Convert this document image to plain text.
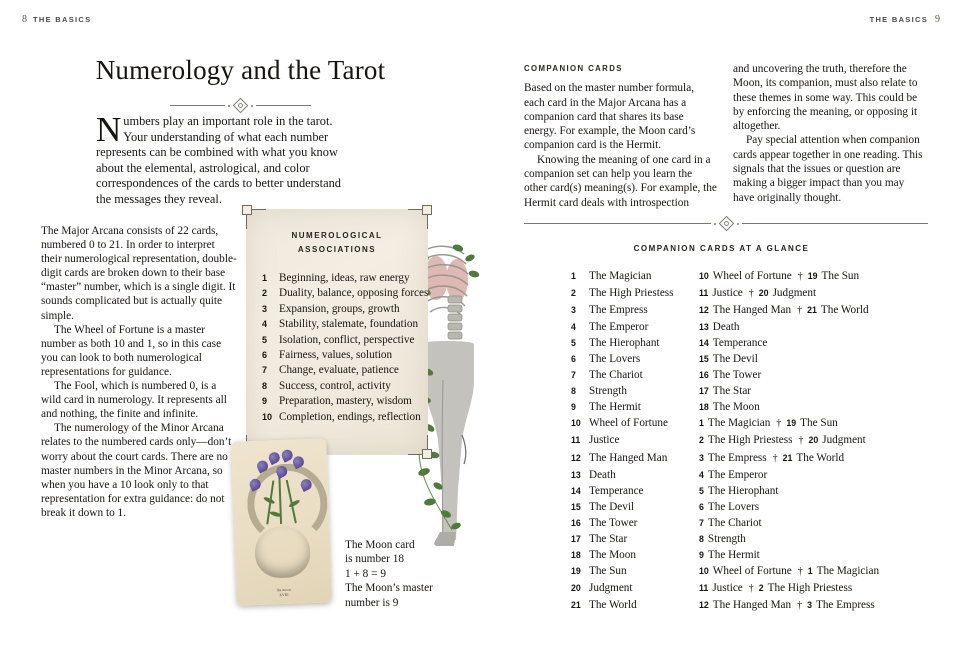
8 THE BASICS
Numerology and the Tarot
Numbers play an important role in the tarot. Your understanding of what each number represents can be combined with what you know about the elemental, astrological, and color correspondences of the cards to better understand the messages they reveal.

The Major Arcana consists of 22 cards, numbered 0 to 21. In order to interpret their numerological representation, double-digit cards are broken down to their base “master” number, which is a single digit. It sounds complicated but is actually quite simple.

The Wheel of Fortune is a master number as both 10 and 1, so in this case you can look to both numerological representations for guidance.

The Fool, which is numbered 0, is a wild card in numerology. It represents all and nothing, the finite and infinite.

The numerology of the Minor Arcana relates to the numbered cards only—don’t worry about the court cards. There are no master numbers in the Minor Arcana, so when you have a 10 look only to that representation for extra guidance: do not break it down to 1.

NUMEROLOGICAL
ASSOCIATIONS
1	Beginning, ideas, raw energy
2	Duality, balance, opposing forces
3	Expansion, groups, growth
4	Stability, stalemate, foundation
5	Isolation, conflict, perspective
6	Fairness, values, solution
7	Change, evaluate, patience
8	Success, control, activity
9	Preparation, mastery, wisdom
10 Completion, endings, reflection
the moon
XVIII
The Moon card
is number 18
1 + 8 = 9
The Moon’s master
number is 9
THE BASICS 9
COMPANION CARDS

Based on the master number formula, each card in the Major Arcana has a companion card that shares its base energy. For example, the Moon card’s companion card is the Hermit.

Knowing the meaning of one card in a companion set can help you learn the other card(s) meaning(s). For example, the Hermit card deals with introspection

and uncovering the truth, therefore the Moon, its companion, must also relate to these themes in some way. This could be by enforcing the meaning, or opposing it altogether.

Pay special attention when companion cards appear together in one reading. This signals that the issues or question are making a bigger impact than you may have originally thought.

COMPANION CARDS AT A GLANCE
1	The Magician	10 Wheel of Fortune † 19 The Sun
2	The High Priestess	11 Justice † 20 Judgment
3	The Empress	12 The Hanged Man † 21 The World
4	The Emperor	13 Death
5	The Hierophant	14 Temperance
6	The Lovers	15 The Devil
7	The Chariot	16 The Tower
8	Strength	17 The Star
9	The Hermit	18 The Moon
10 Wheel of Fortune	1 The Magician † 19 The Sun
11 Justice	2 The High Priestess † 20 Judgment
12 The Hanged Man	3 The Empress † 21 The World
13 Death	4 The Emperor
14 Temperance	5 The Hierophant
15 The Devil	6 The Lovers
16 The Tower	7 The Chariot
17 The Star	8 Strength
18 The Moon	9 The Hermit
19 The Sun	10 Wheel of Fortune † 1 The Magician
20 Judgment	11 Justice † 2 The High Priestess
21 The World	12 The Hanged Man † 3 The Empress
